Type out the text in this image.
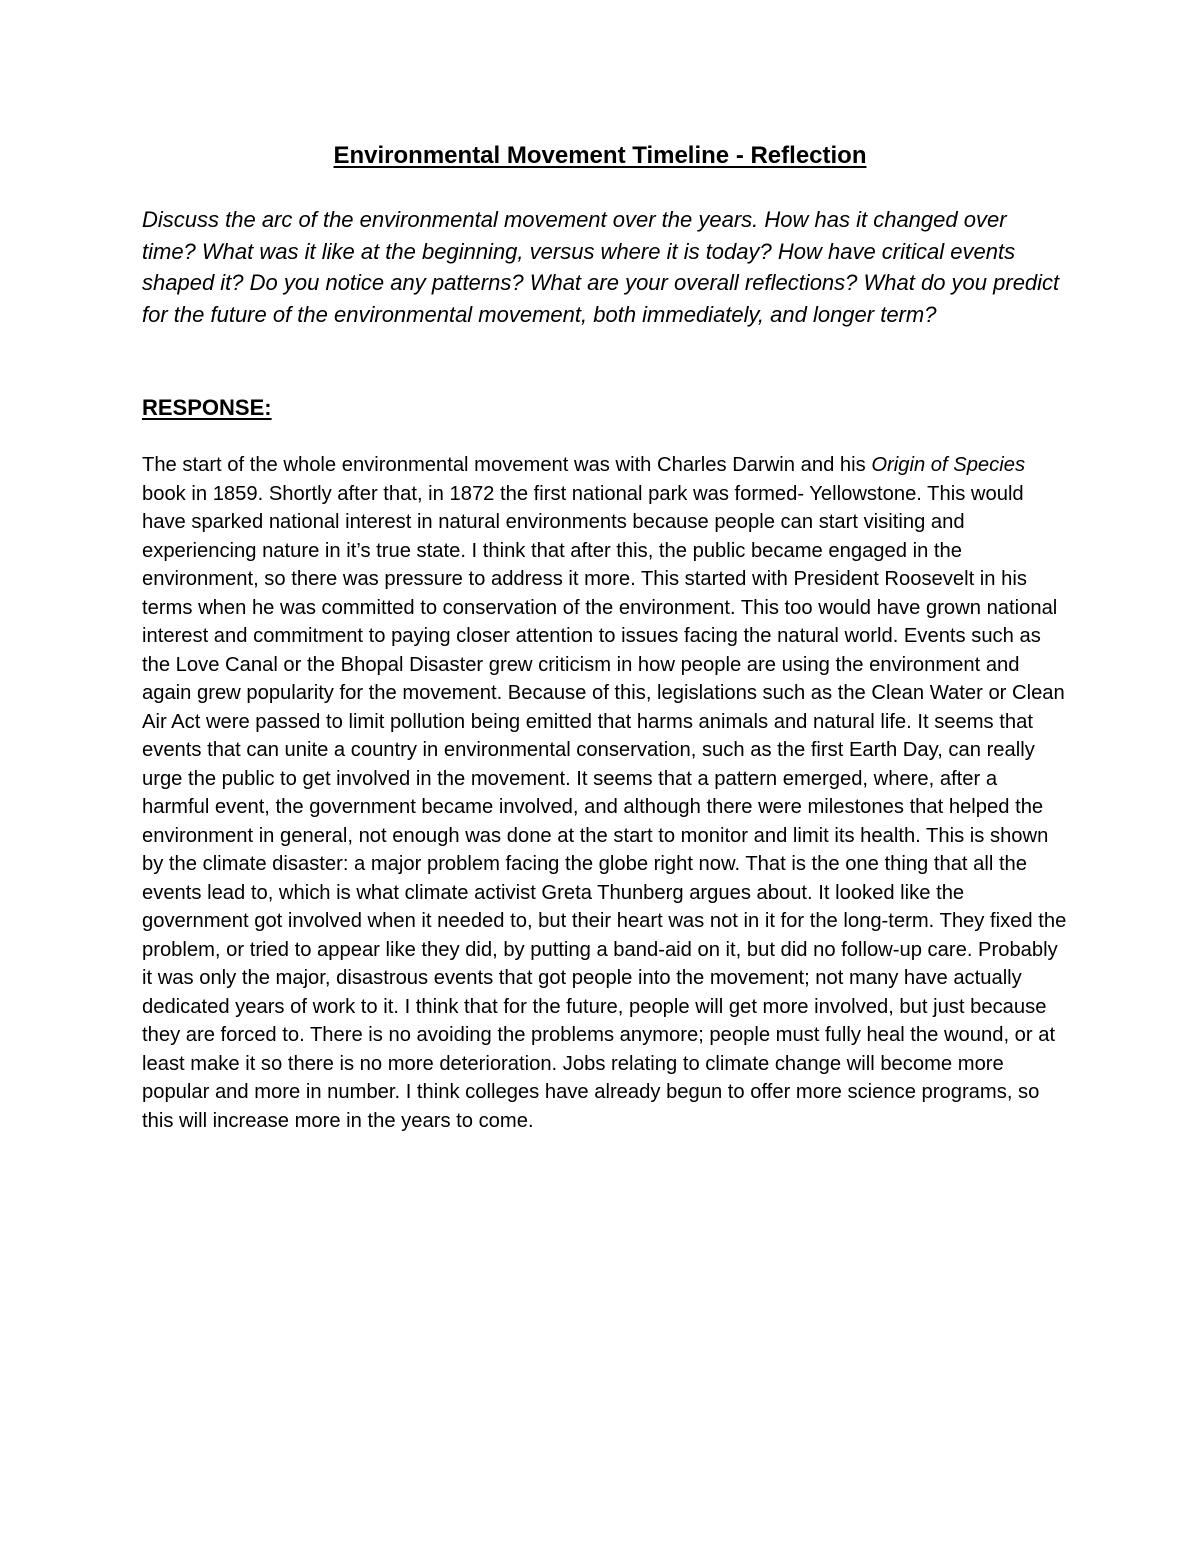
Environmental Movement Timeline - Reflection

Discuss the arc of the environmental movement over the years. How has it changed over time? What was it like at the beginning, versus where it is today? How have critical events shaped it? Do you notice any patterns? What are your overall reflections? What do you predict for the future of the environmental movement, both immediately, and longer term?

RESPONSE:

The start of the whole environmental movement was with Charles Darwin and his Origin of Species book in 1859. Shortly after that, in 1872 the first national park was formed- Yellowstone. This would have sparked national interest in natural environments because people can start visiting and experiencing nature in it’s true state. I think that after this, the public became engaged in the environment, so there was pressure to address it more. This started with President Roosevelt in his terms when he was committed to conservation of the environment. This too would have grown national interest and commitment to paying closer attention to issues facing the natural world. Events such as the Love Canal or the Bhopal Disaster grew criticism in how people are using the environment and again grew popularity for the movement. Because of this, legislations such as the Clean Water or Clean Air Act were passed to limit pollution being emitted that harms animals and natural life. It seems that events that can unite a country in environmental conservation, such as the first Earth Day, can really urge the public to get involved in the movement. It seems that a pattern emerged, where, after a harmful event, the government became involved, and although there were milestones that helped the environment in general, not enough was done at the start to monitor and limit its health. This is shown by the climate disaster: a major problem facing the globe right now. That is the one thing that all the events lead to, which is what climate activist Greta Thunberg argues about. It looked like the government got involved when it needed to, but their heart was not in it for the long-term. They fixed the problem, or tried to appear like they did, by putting a band-aid on it, but did no follow-up care. Probably it was only the major, disastrous events that got people into the movement; not many have actually dedicated years of work to it. I think that for the future, people will get more involved, but just because they are forced to. There is no avoiding the problems anymore; people must fully heal the wound, or at least make it so there is no more deterioration. Jobs relating to climate change will become more popular and more in number. I think colleges have already begun to offer more science programs, so this will increase more in the years to come.
